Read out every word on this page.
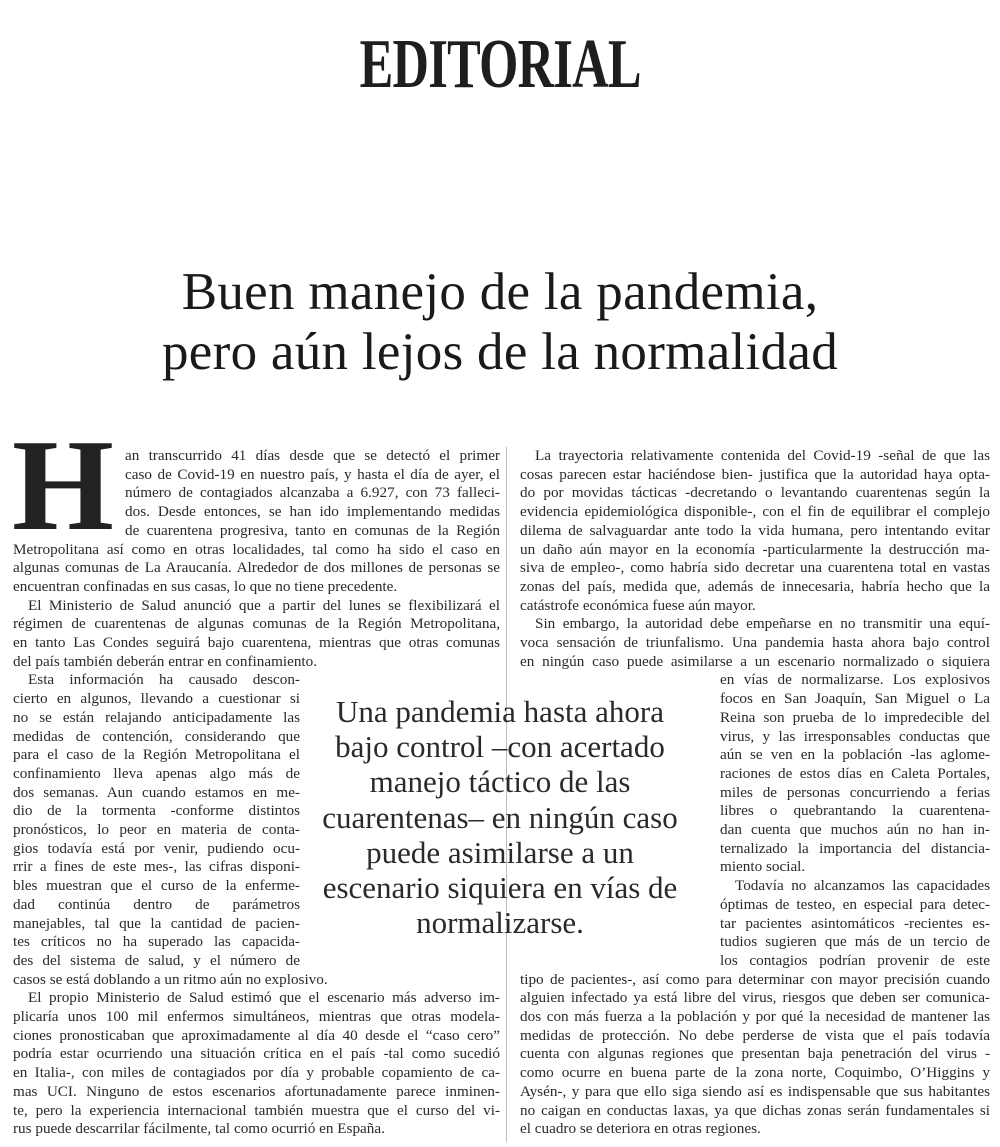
EDITORIAL
Buen manejo de la pandemia,
pero aún lejos de la normalidad
H an transcurrido 41 días desde que se detectó el primer
caso de Covid-19 en nuestro país, y hasta el día de ayer, el
número de contagiados alcanzaba a 6.927, con 73 falleci-
dos. Desde entonces, se han ido implementando medidas
de cuarentena progresiva, tanto en comunas de la Región
Metropolitana así como en otras localidades, tal como ha sido el caso en
algunas comunas de La Araucanía. Alrededor de dos millones de personas se
encuentran confinadas en sus casas, lo que no tiene precedente.
El Ministerio de Salud anunció que a partir del lunes se flexibilizará el
régimen de cuarentenas de algunas comunas de la Región Metropolitana,
en tanto Las Condes seguirá bajo cuarentena, mientras que otras comunas
del país también deberán entrar en confinamiento.
Esta información ha causado descon-
cierto en algunos, llevando a cuestionar si
no se están relajando anticipadamente las
medidas de contención, considerando que
para el caso de la Región Metropolitana el
confinamiento lleva apenas algo más de
dos semanas. Aun cuando estamos en me-
dio de la tormenta -conforme distintos
pronósticos, lo peor en materia de conta-
gios todavía está por venir, pudiendo ocu-
rrir a fines de este mes-, las cifras disponi-
bles muestran que el curso de la enferme-
dad continúa dentro de parámetros
manejables, tal que la cantidad de pacien-
tes críticos no ha superado las capacida-
des del sistema de salud, y el número de
casos se está doblando a un ritmo aún no explosivo.
El propio Ministerio de Salud estimó que el escenario más adverso im-
plicaría unos 100 mil enfermos simultáneos, mientras que otras modela-
ciones pronosticaban que aproximadamente al día 40 desde el “caso cero”
podría estar ocurriendo una situación crítica en el país -tal como sucedió
en Italia-, con miles de contagiados por día y probable copamiento de ca-
mas UCI. Ninguno de estos escenarios afortunadamente parece inminen-
te, pero la experiencia internacional también muestra que el curso del vi-
rus puede descarrilar fácilmente, tal como ocurrió en España.
La trayectoria relativamente contenida del Covid-19 -señal de que las
cosas parecen estar haciéndose bien- justifica que la autoridad haya opta-
do por movidas tácticas -decretando o levantando cuarentenas según la
evidencia epidemiológica disponible-, con el fin de equilibrar el complejo
dilema de salvaguardar ante todo la vida humana, pero intentando evitar
un daño aún mayor en la economía -particularmente la destrucción ma-
siva de empleo-, como habría sido decretar una cuarentena total en vastas
zonas del país, medida que, además de innecesaria, habría hecho que la
catástrofe económica fuese aún mayor.
Sin embargo, la autoridad debe empeñarse en no transmitir una equí-
voca sensación de triunfalismo. Una pandemia hasta ahora bajo control
en ningún caso puede asimilarse a un escenario normalizado o siquiera
en vías de normalizarse. Los explosivos
focos en San Joaquín, San Miguel o La
Reina son prueba de lo impredecible del
virus, y las irresponsables conductas que
aún se ven en la población -las aglome-
raciones de estos días en Caleta Portales,
miles de personas concurriendo a ferias
libres o quebrantando la cuarentena-
dan cuenta que muchos aún no han in-
ternalizado la importancia del distancia-
miento social.
Todavía no alcanzamos las capacidades
óptimas de testeo, en especial para detec-
tar pacientes asintomáticos -recientes es-
tudios sugieren que más de un tercio de
los contagios podrían provenir de este
tipo de pacientes-, así como para determinar con mayor precisión cuando
alguien infectado ya está libre del virus, riesgos que deben ser comunica-
dos con más fuerza a la población y por qué la necesidad de mantener las
medidas de protección. No debe perderse de vista que el país todavía
cuenta con algunas regiones que presentan baja penetración del virus -
como ocurre en buena parte de la zona norte, Coquimbo, O’Higgins y
Aysén-, y para que ello siga siendo así es indispensable que sus habitantes
no caigan en conductas laxas, ya que dichas zonas serán fundamentales si
el cuadro se deteriora en otras regiones.
Una pandemia hasta ahora
bajo control –con acertado
manejo táctico de las
cuarentenas– en ningún caso
puede asimilarse a un
escenario siquiera en vías de
normalizarse.
